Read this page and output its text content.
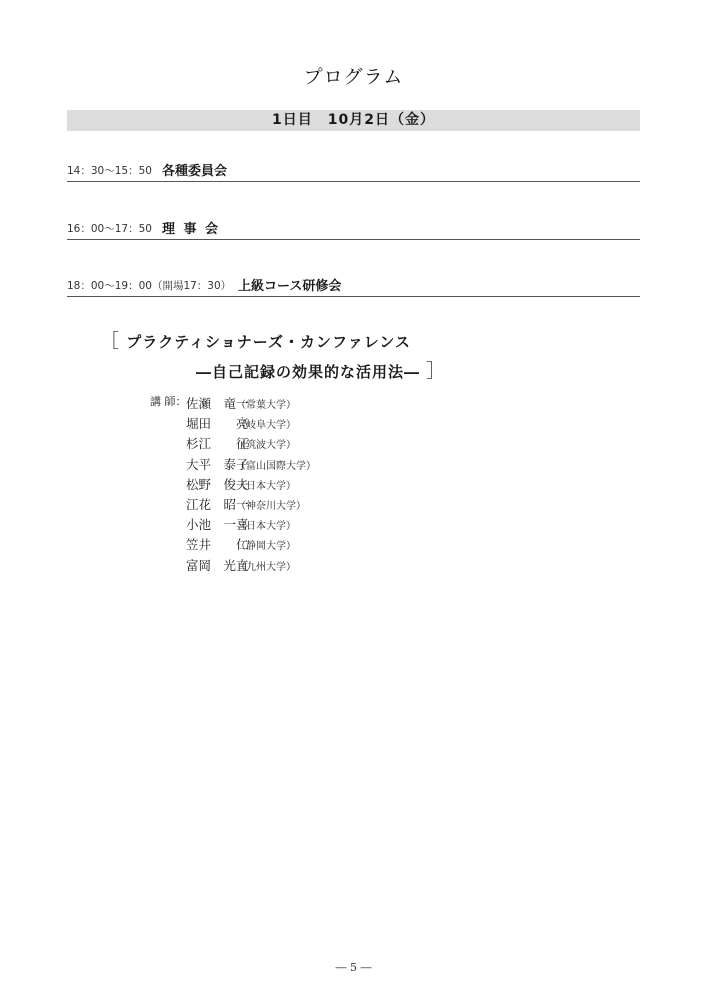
プログラム
1日目　10月2日（金）
14：30〜15：50 各種委員会
16：00〜17：50 理 事 会
18：00〜19：00（開場17：30） 上級コース研修会
［ プラクティショナーズ・カンファレンス
―自己記録の効果的な活用法― ］
講 師： 佐瀬　竜一（常葉大学）
堀田　　亮（岐阜大学）
杉江　　征（筑波大学）
大平　泰子（富山国際大学）
松野　俊夫（日本大学）
江花　昭一（神奈川大学）
小池　一喜（日本大学）
笠井　　仁（静岡大学）
富岡　光直（九州大学）
― 5 ―
